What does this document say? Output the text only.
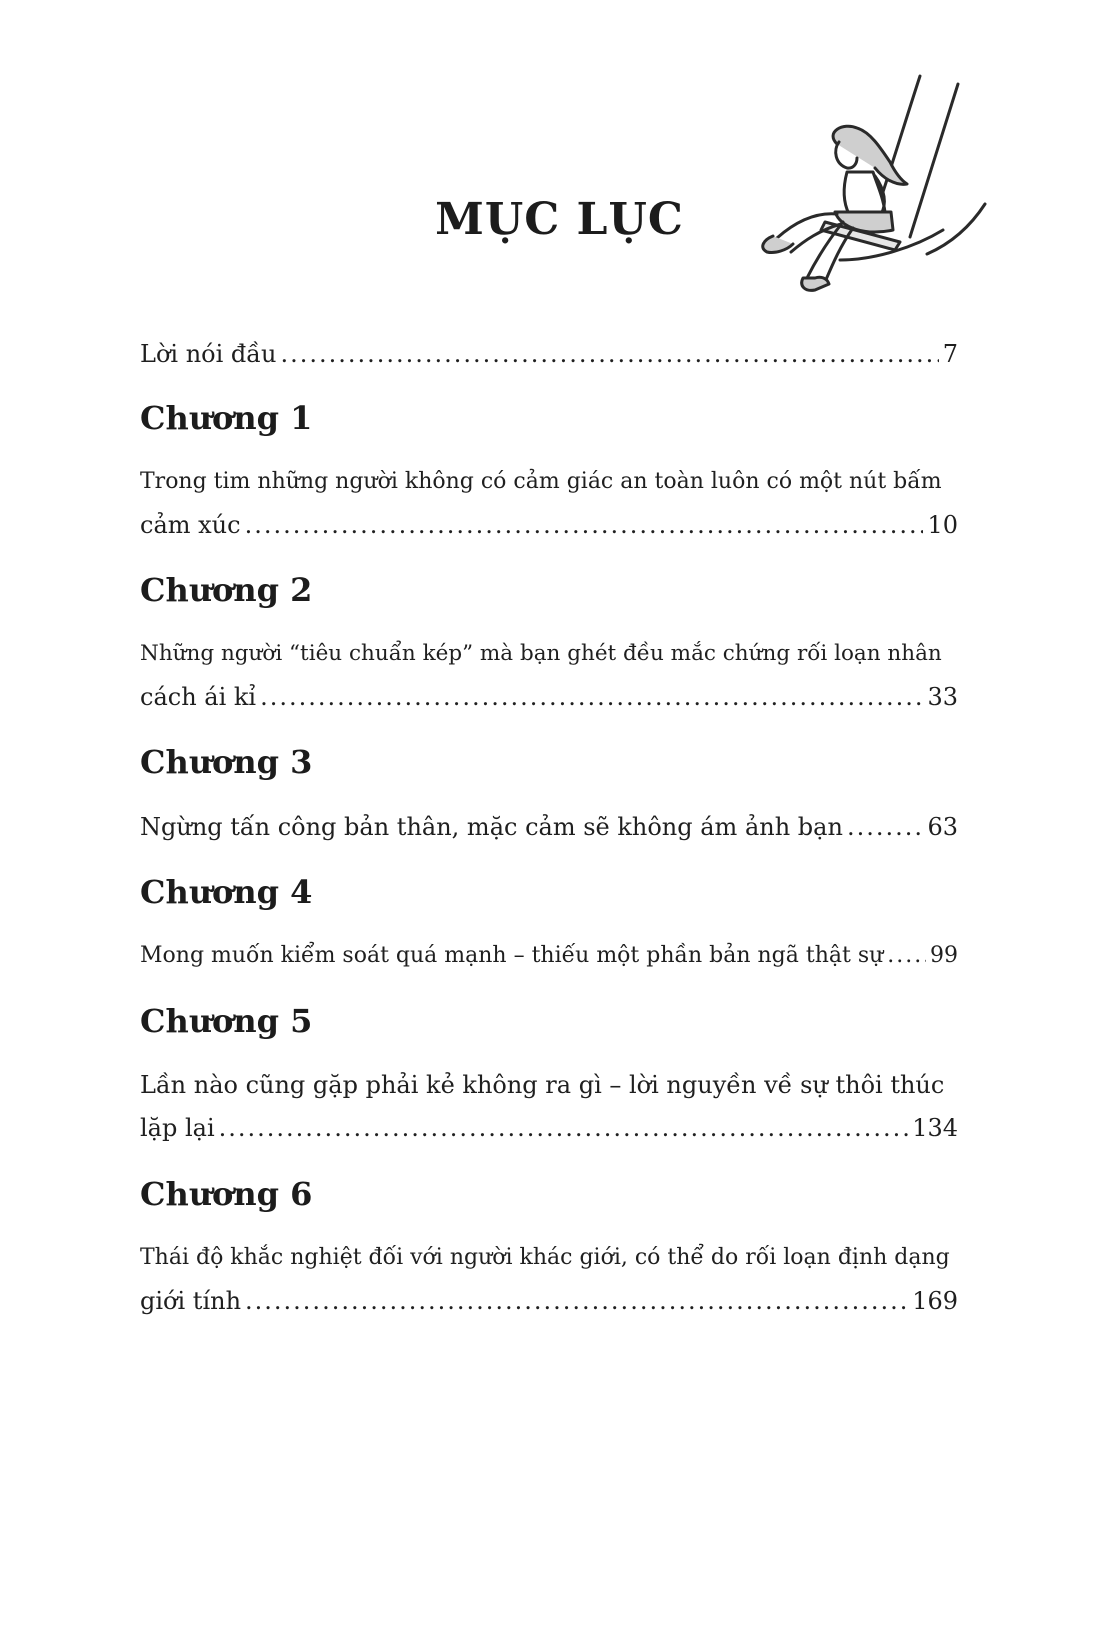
MỤC LỤC
Lời nói đầu .....	7
Chương 1
Trong tim những người không có cảm giác an toàn luôn có một nút bấm
cảm xúc .....	10
Chương 2
Những người “tiêu chuẩn kép” mà bạn ghét đều mắc chứng rối loạn nhân
cách ái kỉ .....	33
Chương 3
Ngừng tấn công bản thân, mặc cảm sẽ không ám ảnh bạn .....	63
Chương 4
Mong muốn kiểm soát quá mạnh – thiếu một phần bản ngã thật sự ..... 99
Chương 5
Lần nào cũng gặp phải kẻ không ra gì – lời nguyền về sự thôi thúc
lặp lại .....	134
Chương 6
Thái độ khắc nghiệt đối với người khác giới, có thể do rối loạn định dạng
giới tính .....	169
